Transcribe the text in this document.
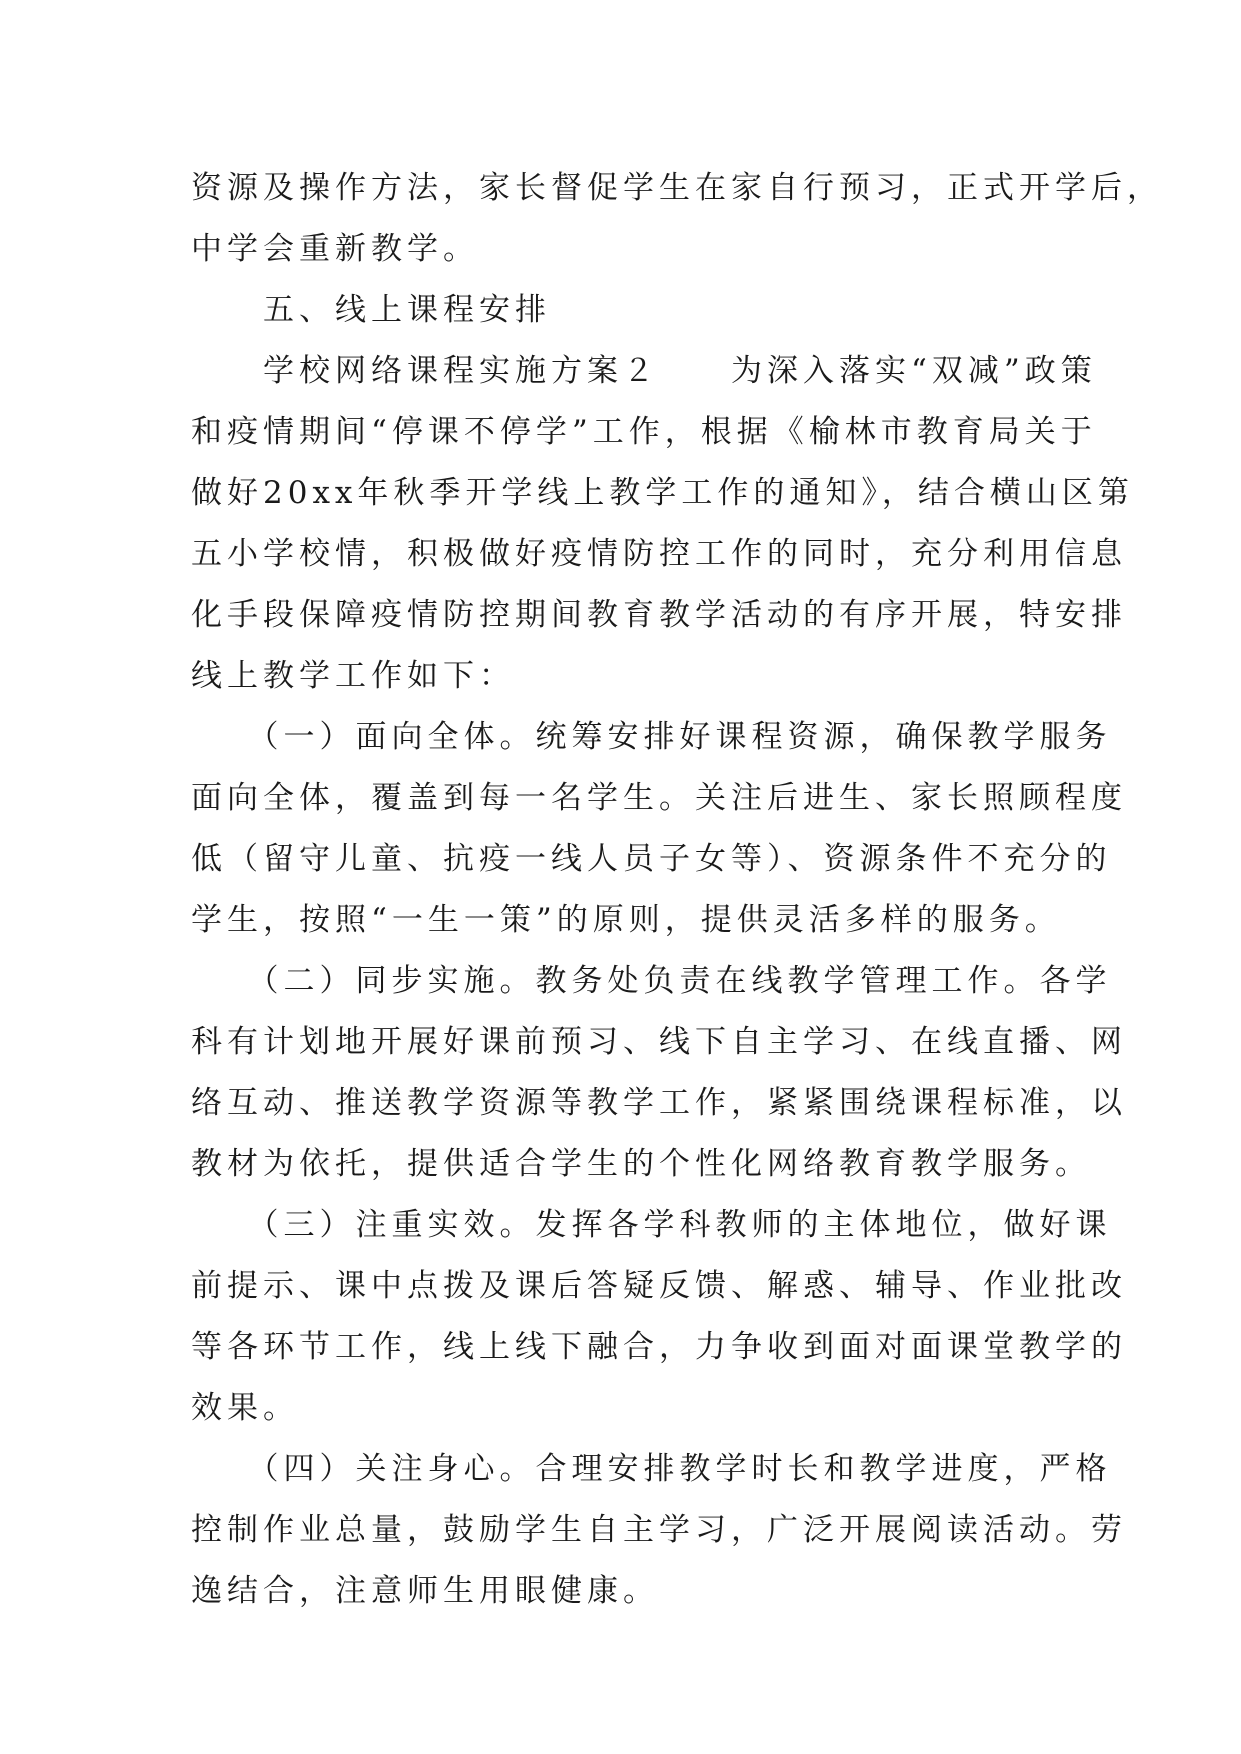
资源及操作方法，家长督促学生在家自行预习，正式开学后，
中学会重新教学。
　　五、线上课程安排
　　学校网络课程实施方案２　　为深入落实“双减”政策
和疫情期间“停课不停学”工作，根据《榆林市教育局关于
做好20xx年秋季开学线上教学工作的通知》，结合横山区第
五小学校情，积极做好疫情防控工作的同时，充分利用信息
化手段保障疫情防控期间教育教学活动的有序开展，特安排
线上教学工作如下：
　　（一）面向全体。统筹安排好课程资源，确保教学服务
面向全体，覆盖到每一名学生。关注后进生、家长照顾程度
低（留守儿童、抗疫一线人员子女等）、资源条件不充分的
学生，按照“一生一策”的原则，提供灵活多样的服务。
　　（二）同步实施。教务处负责在线教学管理工作。各学
科有计划地开展好课前预习、线下自主学习、在线直播、网
络互动、推送教学资源等教学工作，紧紧围绕课程标准，以
教材为依托，提供适合学生的个性化网络教育教学服务。
　　（三）注重实效。发挥各学科教师的主体地位，做好课
前提示、课中点拨及课后答疑反馈、解惑、辅导、作业批改
等各环节工作，线上线下融合，力争收到面对面课堂教学的
效果。
　　（四）关注身心。合理安排教学时长和教学进度，严格
控制作业总量，鼓励学生自主学习，广泛开展阅读活动。劳
逸结合，注意师生用眼健康。
